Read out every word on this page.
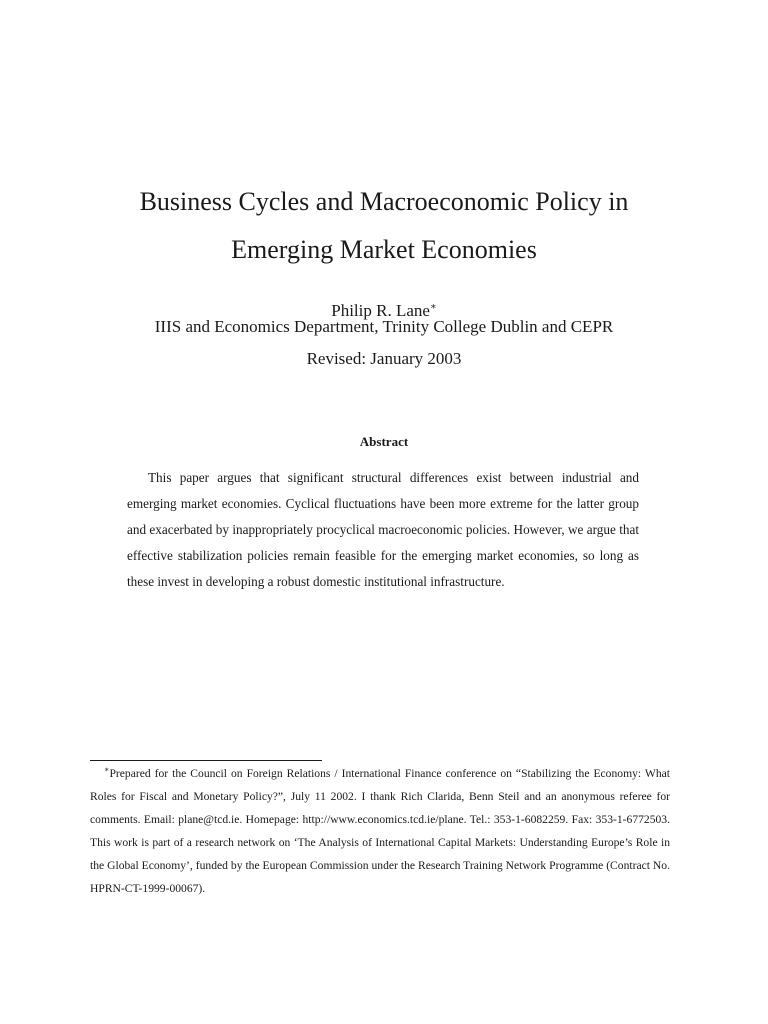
Business Cycles and Macroeconomic Policy in
Emerging Market Economies
Philip R. Lane∗
IIIS and Economics Department, Trinity College Dublin and CEPR
Revised: January 2003
Abstract

This paper argues that significant structural differences exist between industrial and emerging market economies. Cyclical fluctuations have been more extreme for the latter group and exacerbated by inappropriately procyclical macroeconomic policies. However, we argue that effective stabilization policies remain feasible for the emerging market economies, so long as these invest in developing a robust domestic institutional infrastructure.

∗Prepared for the Council on Foreign Relations / International Finance conference on “Stabilizing the Economy: What Roles for Fiscal and Monetary Policy?”, July 11 2002. I thank Rich Clarida, Benn Steil and an anonymous referee for comments. Email: plane@tcd.ie. Homepage: http://www.economics.tcd.ie/plane. Tel.: 353-1-6082259. Fax: 353-1-6772503. This work is part of a research network on ‘The Analysis of International Capital Markets: Understanding Europe’s Role in the Global Economy’, funded by the European Commission under the Research Training Network Programme (Contract No. HPRN-CT-1999-00067).
